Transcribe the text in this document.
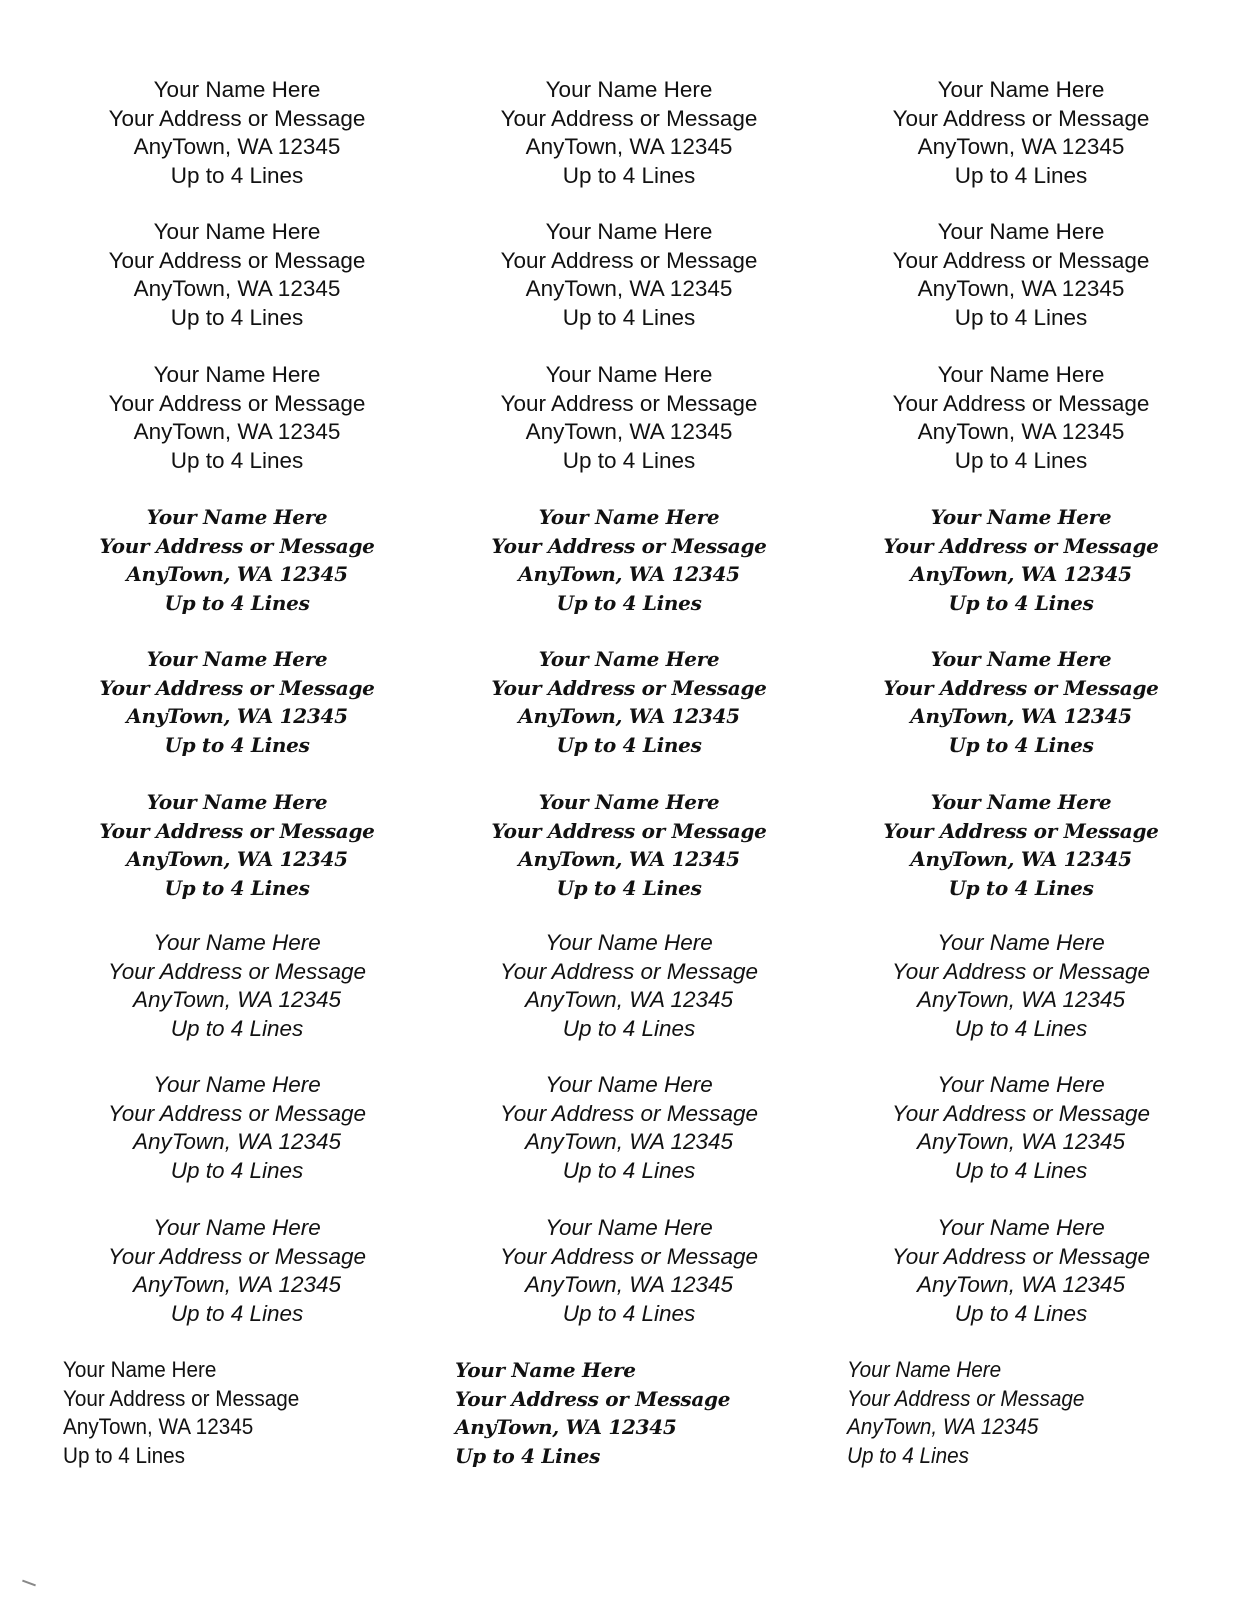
Your Name Here
Your Address or Message
AnyTown, WA 12345
Up to 4 Lines
Your Name Here
Your Address or Message
AnyTown, WA 12345
Up to 4 Lines
Your Name Here
Your Address or Message
AnyTown, WA 12345
Up to 4 Lines
Your Name Here
Your Address or Message
AnyTown, WA 12345
Up to 4 Lines
Your Name Here
Your Address or Message
AnyTown, WA 12345
Up to 4 Lines
Your Name Here
Your Address or Message
AnyTown, WA 12345
Up to 4 Lines
Your Name Here
Your Address or Message
AnyTown, WA 12345
Up to 4 Lines
Your Name Here
Your Address or Message
AnyTown, WA 12345
Up to 4 Lines
Your Name Here
Your Address or Message
AnyTown, WA 12345
Up to 4 Lines
Your Name Here
Your Address or Message
AnyTown, WA 12345
Up to 4 Lines
Your Name Here
Your Address or Message
AnyTown, WA 12345
Up to 4 Lines
Your Name Here
Your Address or Message
AnyTown, WA 12345
Up to 4 Lines
Your Name Here
Your Address or Message
AnyTown, WA 12345
Up to 4 Lines
Your Name Here
Your Address or Message
AnyTown, WA 12345
Up to 4 Lines
Your Name Here
Your Address or Message
AnyTown, WA 12345
Up to 4 Lines
Your Name Here
Your Address or Message
AnyTown, WA 12345
Up to 4 Lines
Your Name Here
Your Address or Message
AnyTown, WA 12345
Up to 4 Lines
Your Name Here
Your Address or Message
AnyTown, WA 12345
Up to 4 Lines
Your Name Here
Your Address or Message
AnyTown, WA 12345
Up to 4 Lines
Your Name Here
Your Address or Message
AnyTown, WA 12345
Up to 4 Lines
Your Name Here
Your Address or Message
AnyTown, WA 12345
Up to 4 Lines
Your Name Here
Your Address or Message
AnyTown, WA 12345
Up to 4 Lines
Your Name Here
Your Address or Message
AnyTown, WA 12345
Up to 4 Lines
Your Name Here
Your Address or Message
AnyTown, WA 12345
Up to 4 Lines
Your Name Here
Your Address or Message
AnyTown, WA 12345
Up to 4 Lines
Your Name Here
Your Address or Message
AnyTown, WA 12345
Up to 4 Lines
Your Name Here
Your Address or Message
AnyTown, WA 12345
Up to 4 Lines
Your Name Here
Your Address or Message
AnyTown, WA 12345
Up to 4 Lines
Your Name Here
Your Address or Message
AnyTown, WA 12345
Up to 4 Lines
Your Name Here
Your Address or Message
AnyTown, WA 12345
Up to 4 Lines
